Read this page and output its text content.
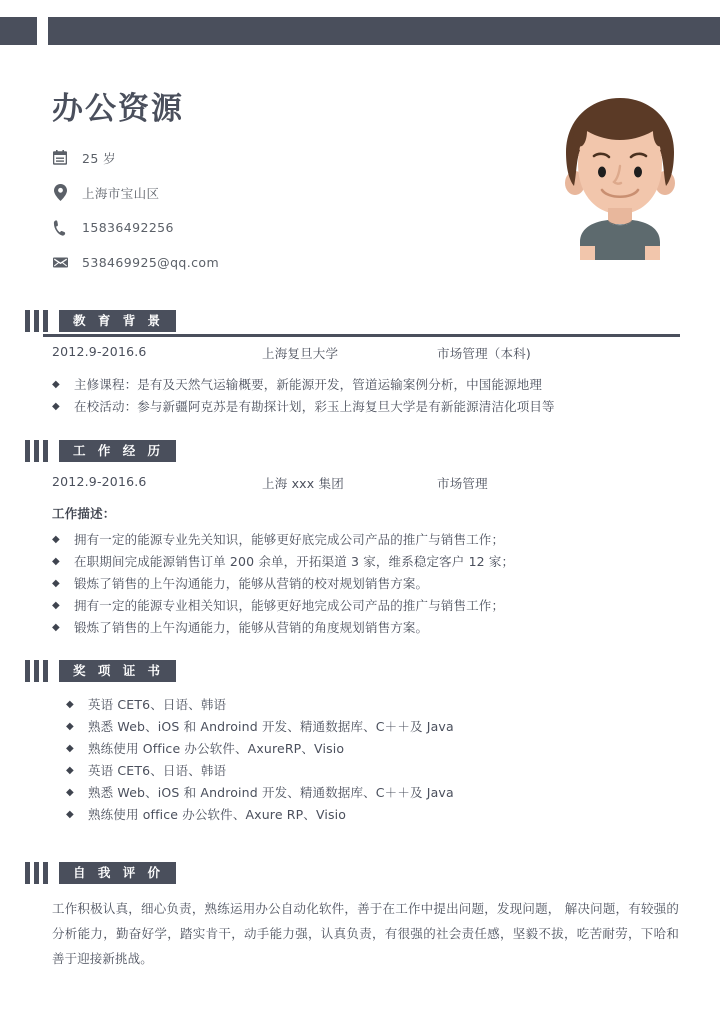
办公资源
25 岁
上海市宝山区
15836492256
538469925@qq.com
教 育 背 景
2012.9-2016.6	上海复旦大学	市场管理（本科)
◆	主修课程：是有及天然气运输概要，新能源开发，管道运输案例分析，中国能源地理
◆	在校活动：参与新疆阿克苏是有勘探计划，彩玉上海复旦大学是有新能源清洁化项目等
工 作 经 历
2012.9-2016.6	上海 xxx 集团	市场管理
工作描述：
◆	拥有一定的能源专业先关知识，能够更好底完成公司产品的推广与销售工作；
◆	在职期间完成能源销售订单 200 余单，开拓渠道 3 家，维系稳定客户 12 家；
◆	锻炼了销售的上午沟通能力，能够从营销的校对规划销售方案。
◆	拥有一定的能源专业相关知识，能够更好地完成公司产品的推广与销售工作；
◆	锻炼了销售的上午沟通能力，能够从营销的角度规划销售方案。
奖 项 证 书
◆	英语 CET6、日语、韩语
◆	熟悉 Web、iOS 和 Androind 开发、精通数据库、C＋＋及 Java
◆	熟练使用 Office 办公软件、AxureRP、Visio
◆	英语 CET6、日语、韩语
◆	熟悉 Web、iOS 和 Androind 开发、精通数据库、C＋＋及 Java
◆	熟练使用 office 办公软件、Axure RP、Visio
自 我 评 价

工作积极认真，细心负责，熟练运用办公自动化软件，善于在工作中提出问题，发现问题， 解决问题，有较强的分析能力，勤奋好学，踏实肯干，动手能力强，认真负责，有很强的社会责任感，坚毅不拔，吃苦耐劳，下哈和善于迎接新挑战。
